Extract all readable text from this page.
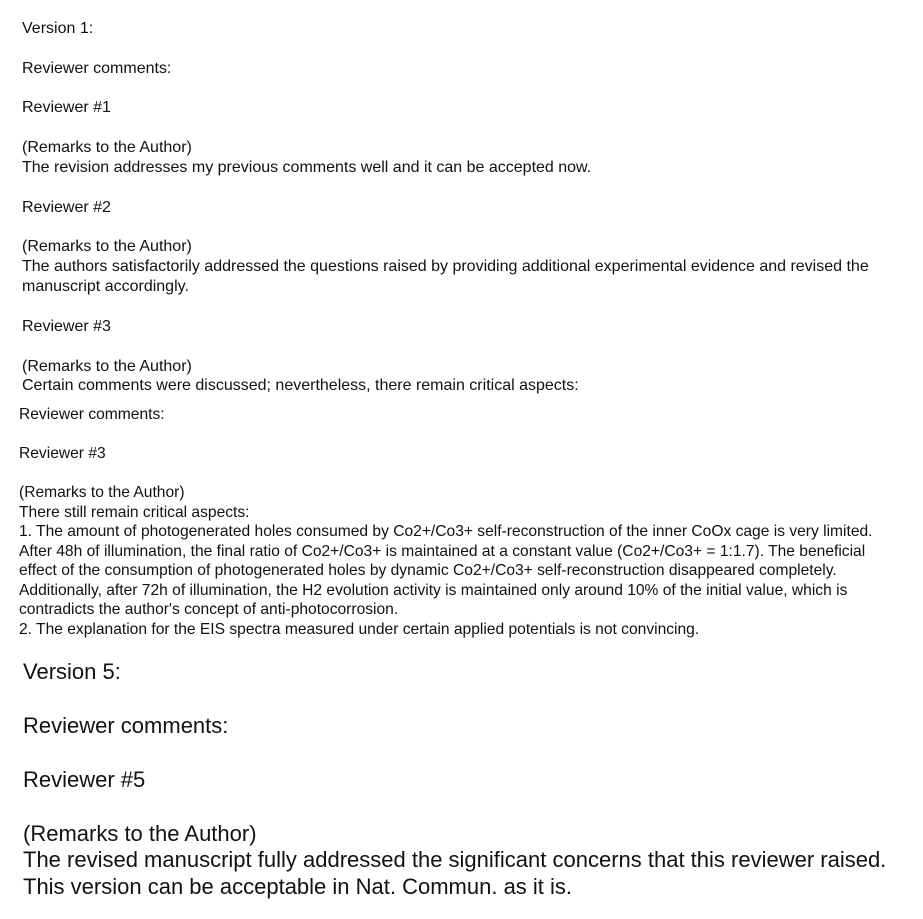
Version 1:
Reviewer comments:
Reviewer #1
(Remarks to the Author)
The revision addresses my previous comments well and it can be accepted now.
Reviewer #2
(Remarks to the Author)
The authors satisfactorily addressed the questions raised by providing additional experimental evidence and revised the
manuscript accordingly.
Reviewer #3
(Remarks to the Author)
Certain comments were discussed; nevertheless, there remain critical aspects:
Reviewer comments:
Reviewer #3
(Remarks to the Author)
There still remain critical aspects:
1. The amount of photogenerated holes consumed by Co2+/Co3+ self-reconstruction of the inner CoOx cage is very limited.
After 48h of illumination, the final ratio of Co2+/Co3+ is maintained at a constant value (Co2+/Co3+ = 1:1.7). The beneficial
effect of the consumption of photogenerated holes by dynamic Co2+/Co3+ self-reconstruction disappeared completely.
Additionally, after 72h of illumination, the H2 evolution activity is maintained only around 10% of the initial value, which is
contradicts the author's concept of anti-photocorrosion.
2. The explanation for the EIS spectra measured under certain applied potentials is not convincing.
Version 5:
Reviewer comments:
Reviewer #5
(Remarks to the Author)
The revised manuscript fully addressed the significant concerns that this reviewer raised.
This version can be acceptable in Nat. Commun. as it is.
